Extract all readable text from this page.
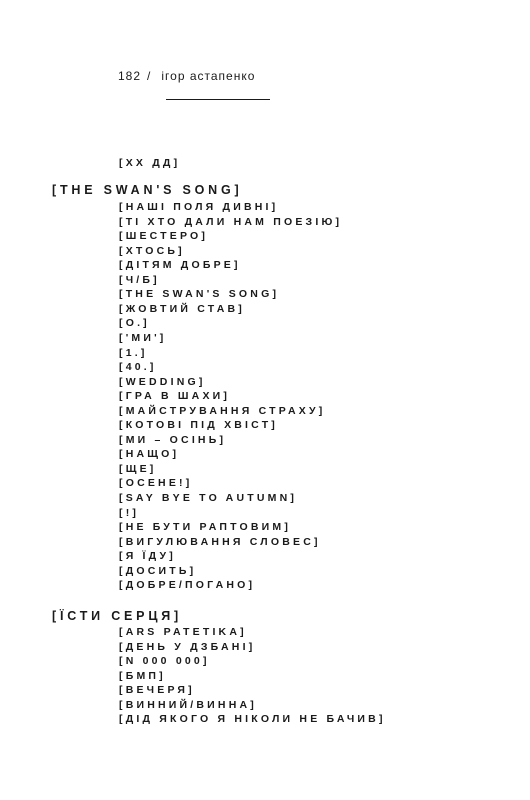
182 / ігор астапенко
[XX ДД]
[THE SWAN'S SONG]
[НАШІ ПОЛЯ ДИВНІ]
[ТІ ХТО ДАЛИ НАМ ПОЕЗІЮ]
[ШЕСТЕРО]
[ХТОСЬ]
[ДІТЯМ ДОБРЕ]
[Ч/Б]
[THE SWAN'S SONG]
[ЖОВТИЙ СТАВ]
[О.]
['МИ']
[1.]
[40.]
[WEDDING]
[ГРА В ШАХИ]
[МАЙСТРУВАННЯ СТРАХУ]
[КОТОВІ ПІД ХВІСТ]
[МИ – ОСІНЬ]
[НАЩО]
[ЩЕ]
[ОСЕНЕ!]
[SAY BYE TO AUTUMN]
[!]
[НЕ БУТИ РАПТОВИМ]
[ВИГУЛЮВАННЯ СЛОВЕС]
[Я ЇДУ]
[ДОСИТЬ]
[ДОБРЕ/ПОГАНО]
[ЇСТИ СЕРЦЯ]
[ARS PATETIKA]
[ДЕНЬ У ДЗБАНІ]
[N 000 000]
[БМП]
[ВЕЧЕРЯ]
[ВИННИЙ/ВИННА]
[ДІД ЯКОГО Я НІКОЛИ НЕ БАЧИВ]
